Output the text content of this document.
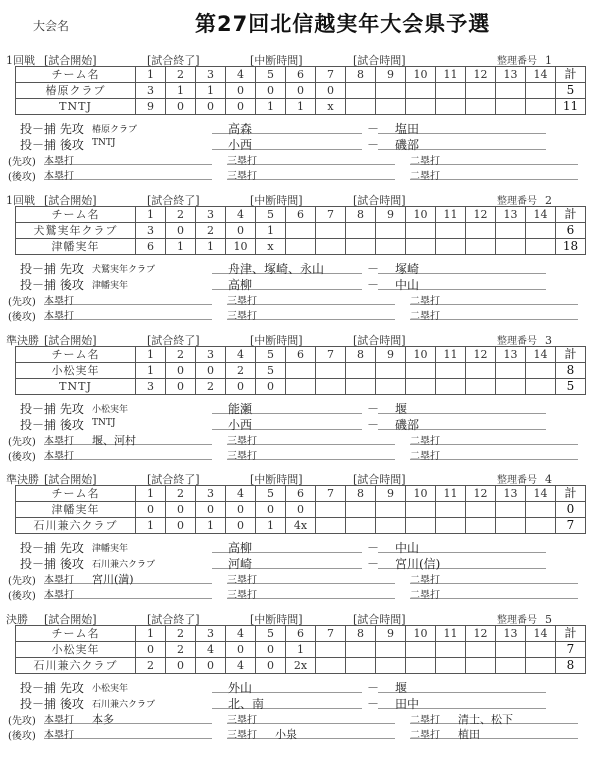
大会名	第27回北信越実年大会県予選
1回戦 [試合開始]	[試合終了]	[中断時間]	[試合時間]	整理番号 1
チーム名	1	2	3	4	5	6	7	8	9	10	11	12	13	14	計
椿原クラブ	3	1	1	0	0	0	0								5
TNTJ	9	0	0	0	1	1	x								11
投－捕 先攻 椿原クラブ	高森	－	塩田
投－捕 後攻 TNTJ	小西	－	磯部
(先攻) 本塁打	三塁打	二塁打
(後攻) 本塁打	三塁打	二塁打
1回戦 [試合開始]	[試合終了]	[中断時間]	[試合時間]	整理番号 2
チーム名	1	2	3	4	5	6	7	8	9	10	11	12	13	14	計
犬鷲実年クラブ	3	0	2	0	1										6
津幡実年	6	1	1	10	x										18
投－捕 先攻 犬鷲実年クラブ	舟津、塚崎、永山	－	塚崎
投－捕 後攻 津幡実年	高柳	－	中山
(先攻) 本塁打	三塁打	二塁打
(後攻) 本塁打	三塁打	二塁打
準決勝 [試合開始]	[試合終了]	[中断時間]	[試合時間]	整理番号 3
チーム名	1	2	3	4	5	6	7	8	9	10	11	12	13	14	計
小松実年	1	0	0	2	5										8
TNTJ	3	0	2	0	0										5
投－捕 先攻 小松実年	能瀬	－	堰
投－捕 後攻 TNTJ	小西	－	磯部
(先攻) 本塁打 堰、河村	三塁打	二塁打
(後攻) 本塁打	三塁打	二塁打
準決勝 [試合開始]	[試合終了]	[中断時間]	[試合時間]	整理番号 4
チーム名	1	2	3	4	5	6	7	8	9	10	11	12	13	14	計
津幡実年	0	0	0	0	0	0									0
石川兼六クラブ	1	0	1	0	1	4x									7
投－捕 先攻 津幡実年	高柳	－	中山
投－捕 後攻 石川兼六クラブ	河崎	－	宮川(信)
(先攻) 本塁打 宮川(満)	三塁打	二塁打
(後攻) 本塁打	三塁打	二塁打
決勝 [試合開始]	[試合終了]	[中断時間]	[試合時間]	整理番号 5
チーム名	1	2	3	4	5	6	7	8	9	10	11	12	13	14	計
小松実年	0	2	4	0	0	1									7
石川兼六クラブ	2	0	0	4	0	2x									8
投－捕 先攻 小松実年	外山	－	堰
投－捕 後攻 石川兼六クラブ	北、南	－	田中
(先攻) 本塁打 本多	三塁打	二塁打 清士、松下
(後攻) 本塁打	三塁打 小泉	二塁打 植田
